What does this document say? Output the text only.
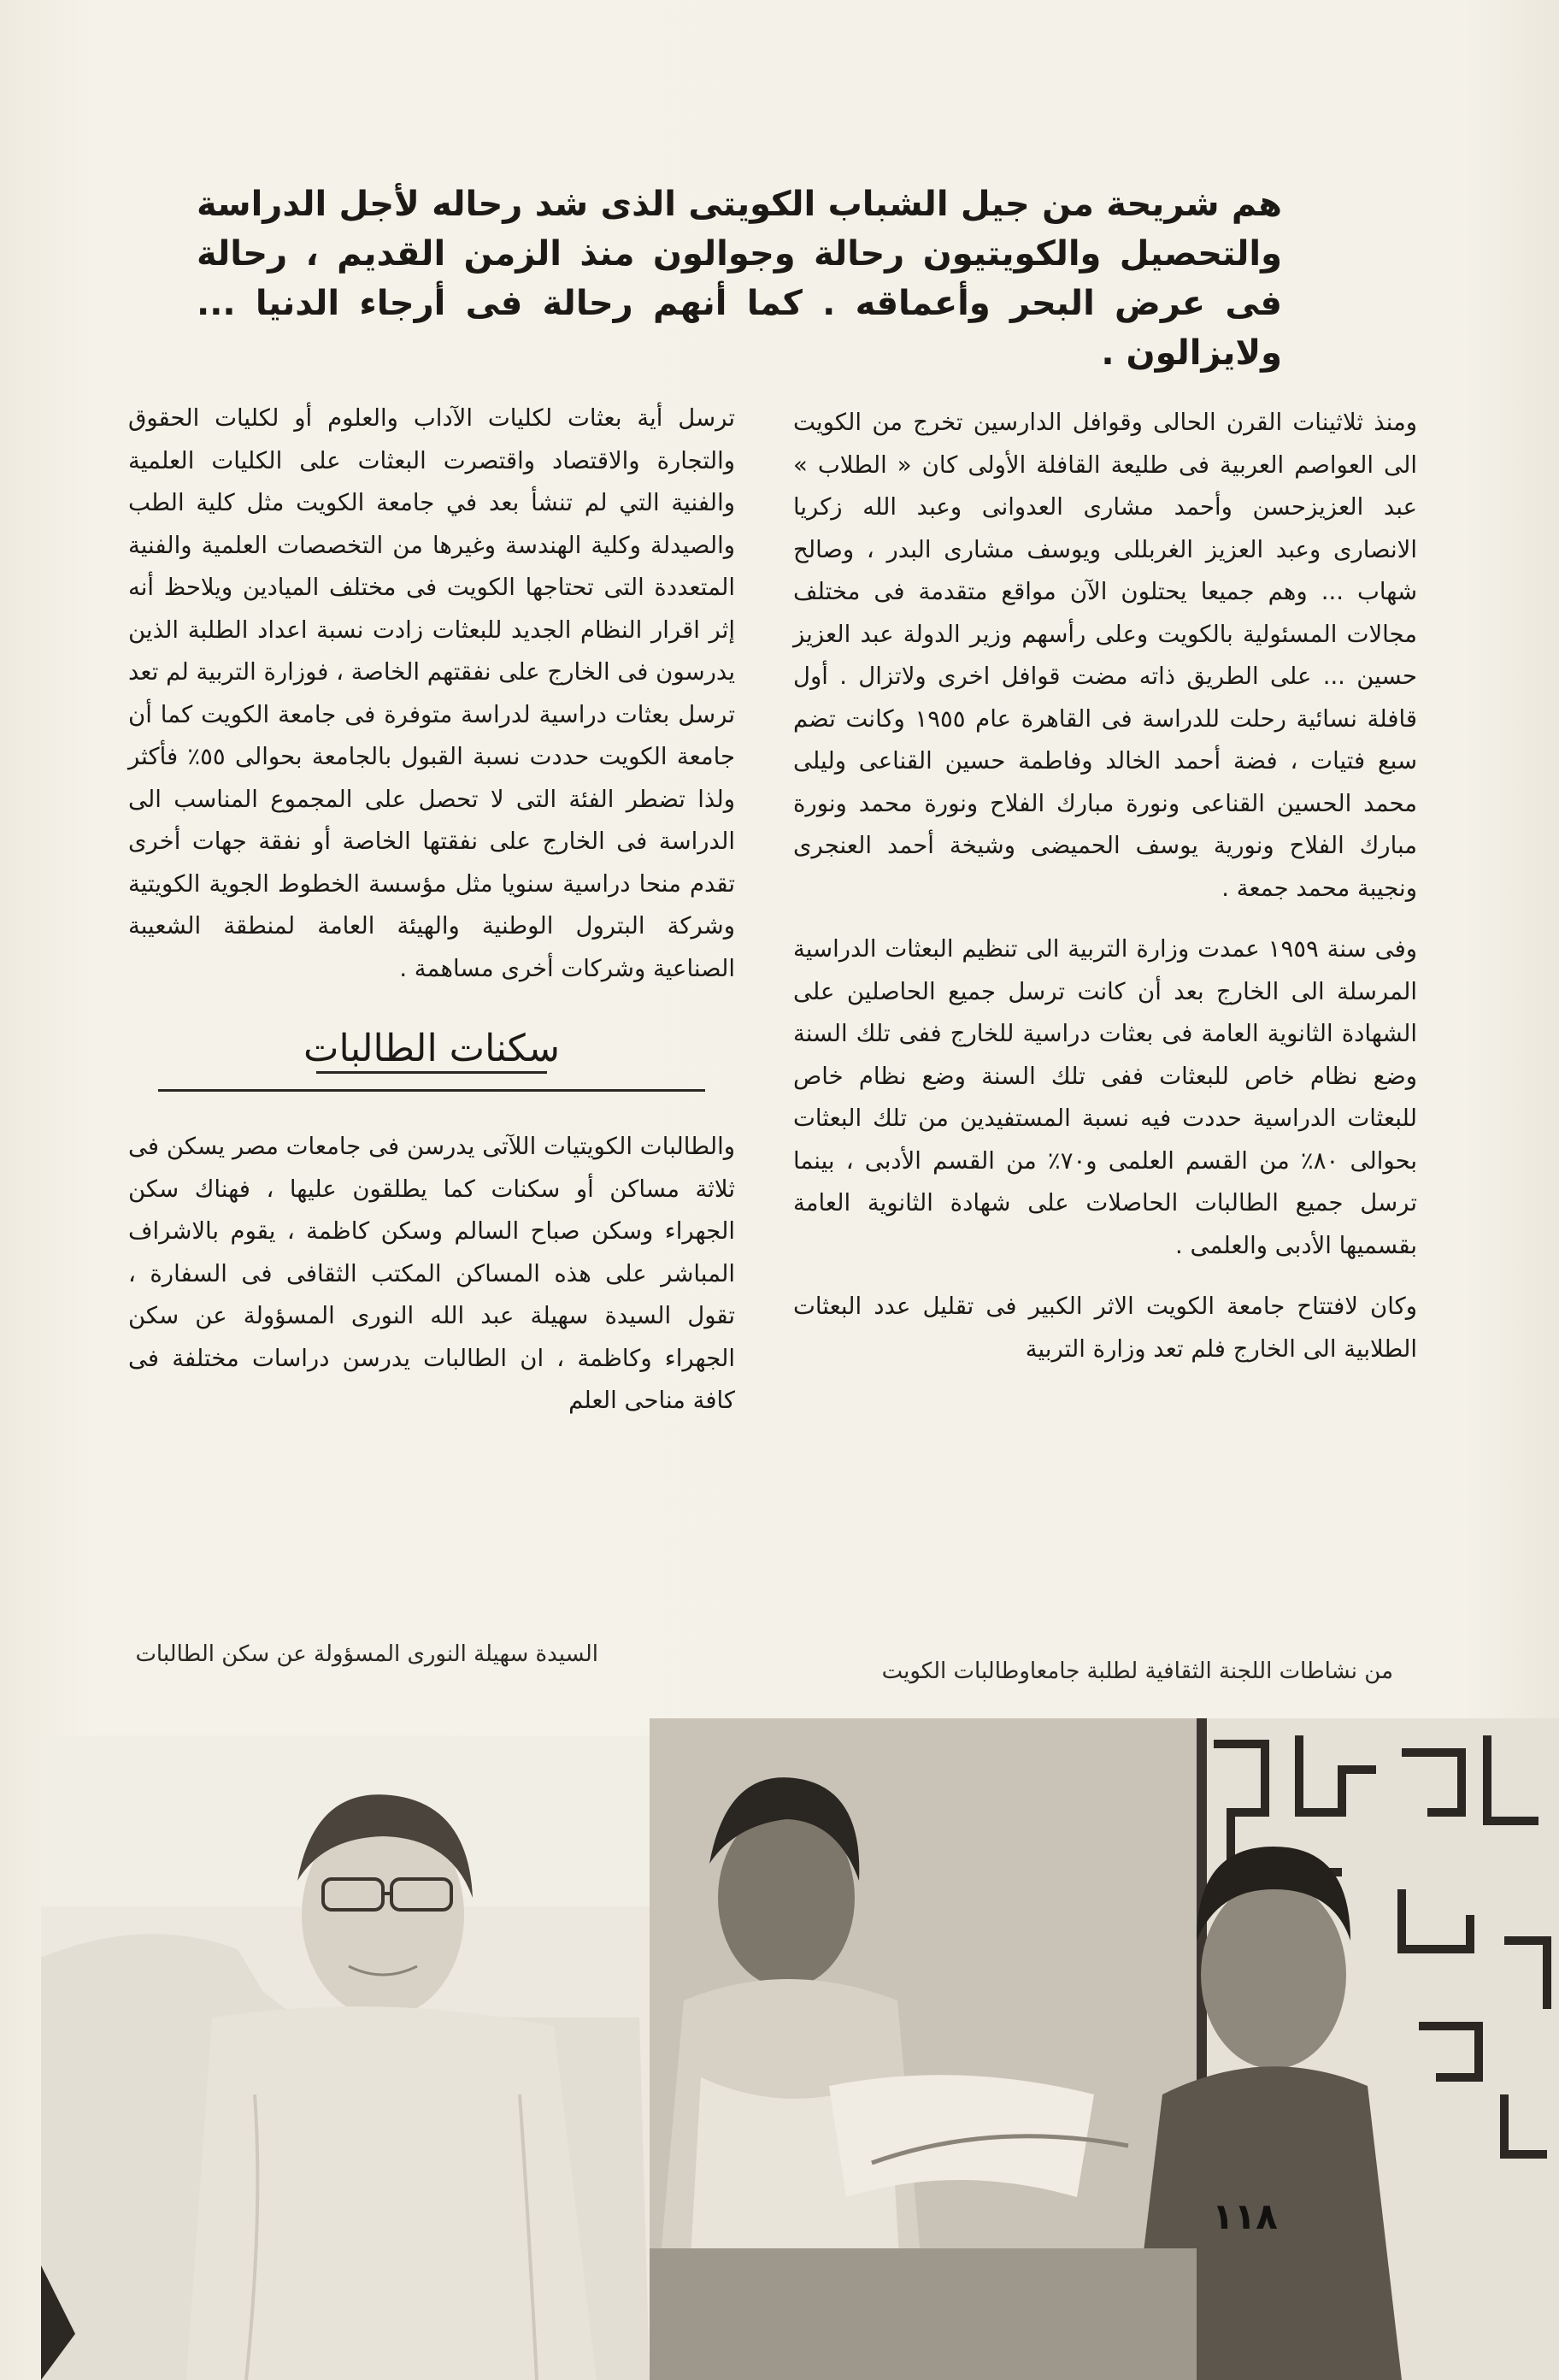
هم شريحة من جيل الشباب الكويتى الذى شد رحاله لأجل الدراسة والتحصيل والكويتيون رحالة وجوالون منذ الزمن القديم ، رحالة فى عرض البحر وأعماقه . كما أنهم رحالة فى أرجاء الدنيا ... ولايزالون .

ومنذ ثلاثينات القرن الحالى وقوافل الدارسين تخرج من الكويت الى العواصم العربية فى طليعة القافلة الأولى كان « الطلاب » عبد العزيزحسن وأحمد مشارى العدوانى وعبد الله زكريا الانصارى وعبد العزيز الغربللى ويوسف مشارى البدر ، وصالح شهاب ... وهم جميعا يحتلون الآن مواقع متقدمة فى مختلف مجالات المسئولية بالكويت وعلى رأسهم وزير الدولة عبد العزيز حسين ... على الطريق ذاته مضت قوافل اخرى ولاتزال . أول قافلة نسائية رحلت للدراسة فى القاهرة عام ١٩٥٥ وكانت تضم سبع فتيات ، فضة أحمد الخالد وفاطمة حسين القناعى وليلى محمد الحسين القناعى ونورة مبارك الفلاح ونورة محمد ونورة مبارك الفلاح ونورية يوسف الحميضى وشيخة أحمد العنجرى ونجيبة محمد جمعة .

وفى سنة ١٩٥٩ عمدت وزارة التربية الى تنظيم البعثات الدراسية المرسلة الى الخارج بعد أن كانت ترسل جميع الحاصلين على الشهادة الثانوية العامة فى بعثات دراسية للخارج ففى تلك السنة وضع نظام خاص للبعثات ففى تلك السنة وضع نظام خاص للبعثات الدراسية حددت فيه نسبة المستفيدين من تلك البعثات بحوالى ٨٠٪ من القسم العلمى و٧٠٪ من القسم الأدبى ، بينما ترسل جميع الطالبات الحاصلات على شهادة الثانوية العامة بقسميها الأدبى والعلمى .

وكان لافتتاح جامعة الكويت الاثر الكبير فى تقليل عدد البعثات الطلابية الى الخارج فلم تعد وزارة التربية

ترسل أية بعثات لكليات الآداب والعلوم أو لكليات الحقوق والتجارة والاقتصاد واقتصرت البعثات على الكليات العلمية والفنية التي لم تنشأ بعد في جامعة الكويت مثل كلية الطب والصيدلة وكلية الهندسة وغيرها من التخصصات العلمية والفنية المتعددة التى تحتاجها الكويت فى مختلف الميادين ويلاحظ أنه إثر اقرار النظام الجديد للبعثات زادت نسبة اعداد الطلبة الذين يدرسون فى الخارج على نفقتهم الخاصة ، فوزارة التربية لم تعد ترسل بعثات دراسية لدراسة متوفرة فى جامعة الكويت كما أن جامعة الكويت حددت نسبة القبول بالجامعة بحوالى ٥٥٪ فأكثر ولذا تضطر الفئة التى لا تحصل على المجموع المناسب الى الدراسة فى الخارج على نفقتها الخاصة أو نفقة جهات أخرى تقدم منحا دراسية سنويا مثل مؤسسة الخطوط الجوية الكويتية وشركة البترول الوطنية والهيئة العامة لمنطقة الشعيبة الصناعية وشركات أخرى مساهمة .

سكنات الطالبات

والطالبات الكويتيات اللآتى يدرسن فى جامعات مصر يسكن فى ثلاثة مساكن أو سكنات كما يطلقون عليها ، فهناك سكن الجهراء وسكن صباح السالم وسكن كاظمة ، يقوم بالاشراف المباشر على هذه المساكن المكتب الثقافى فى السفارة ، تقول السيدة سهيلة عبد الله النورى المسؤولة عن سكن الجهراء وكاظمة ، ان الطالبات يدرسن دراسات مختلفة فى كافة مناحى العلم

السيدة سهيلة النورى المسؤولة عن سكن الطالبات
من نشاطات اللجنة الثقافية لطلبة جامعاوطالبات الكويت
١١٨
